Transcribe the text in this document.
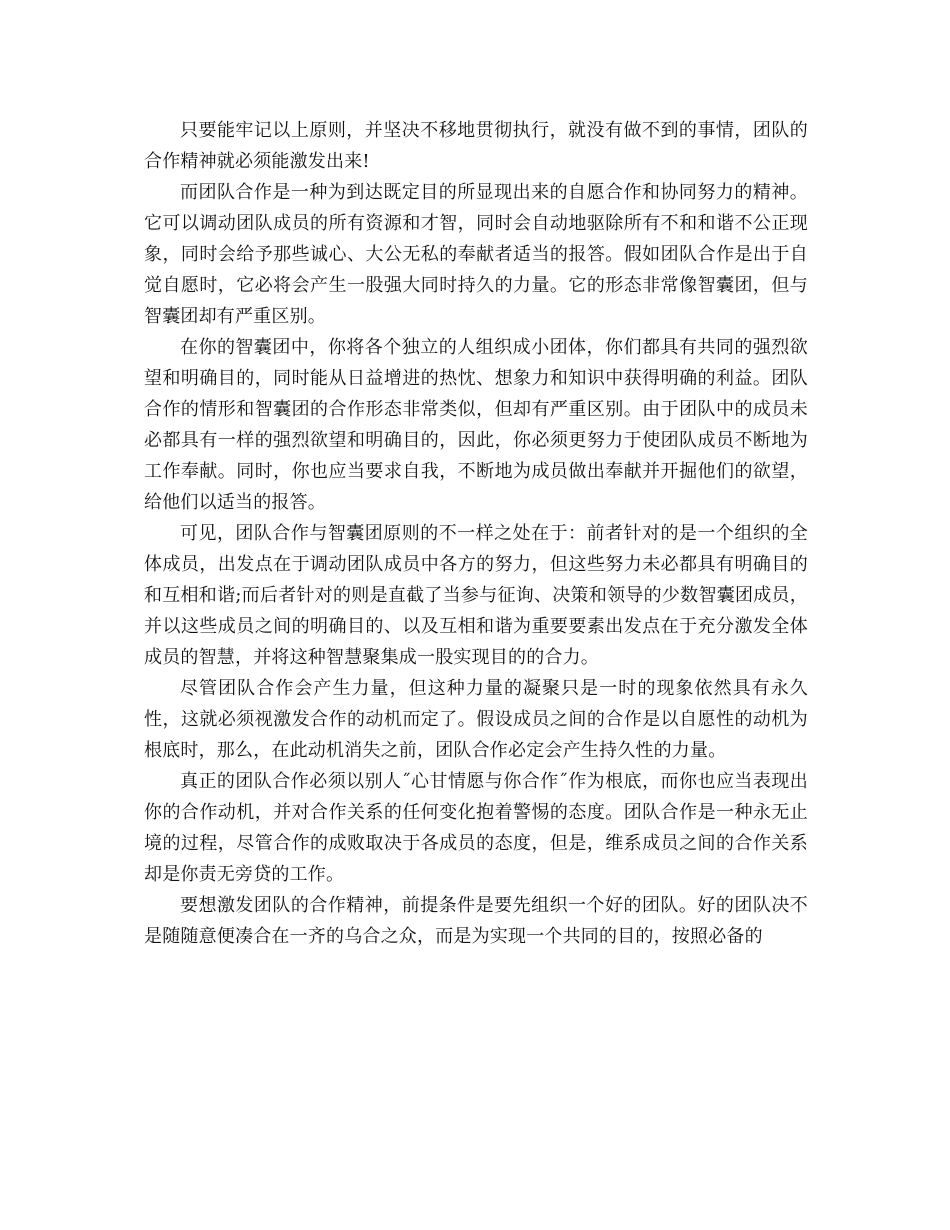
只要能牢记以上原则，并坚决不移地贯彻执行，就没有做不到的事情，团队的合作精神就必须能激发出来!

而团队合作是一种为到达既定目的所显现出来的自愿合作和协同努力的精神。它可以调动团队成员的所有资源和才智，同时会自动地驱除所有不和和谐不公正现象，同时会给予那些诚心、大公无私的奉献者适当的报答。假如团队合作是出于自觉自愿时，它必将会产生一股强大同时持久的力量。它的形态非常像智囊团，但与智囊团却有严重区别。

在你的智囊团中，你将各个独立的人组织成小团体，你们都具有共同的强烈欲望和明确目的，同时能从日益增进的热忱、想象力和知识中获得明确的利益。团队合作的情形和智囊团的合作形态非常类似，但却有严重区别。由于团队中的成员未必都具有一样的强烈欲望和明确目的，因此，你必须更努力于使团队成员不断地为工作奉献。同时，你也应当要求自我，不断地为成员做出奉献并开掘他们的欲望，给他们以适当的报答。

可见，团队合作与智囊团原则的不一样之处在于：前者针对的是一个组织的全体成员，出发点在于调动团队成员中各方的努力，但这些努力未必都具有明确目的和互相和谐;而后者针对的则是直截了当参与征询、决策和领导的少数智囊团成员，并以这些成员之间的明确目的、以及互相和谐为重要要素出发点在于充分激发全体成员的智慧，并将这种智慧聚集成一股实现目的的合力。

尽管团队合作会产生力量，但这种力量的凝聚只是一时的现象依然具有永久性，这就必须视激发合作的动机而定了。假设成员之间的合作是以自愿性的动机为根底时，那么，在此动机消失之前，团队合作必定会产生持久性的力量。

真正的团队合作必须以别人˝心甘情愿与你合作˝作为根底，而你也应当表现出你的合作动机，并对合作关系的任何变化抱着警惕的态度。团队合作是一种永无止境的过程，尽管合作的成败取决于各成员的态度，但是，维系成员之间的合作关系却是你责无旁贷的工作。

要想激发团队的合作精神，前提条件是要先组织一个好的团队。好的团队决不是随随意便凑合在一齐的乌合之众，而是为实现一个共同的目的，按照必备的
